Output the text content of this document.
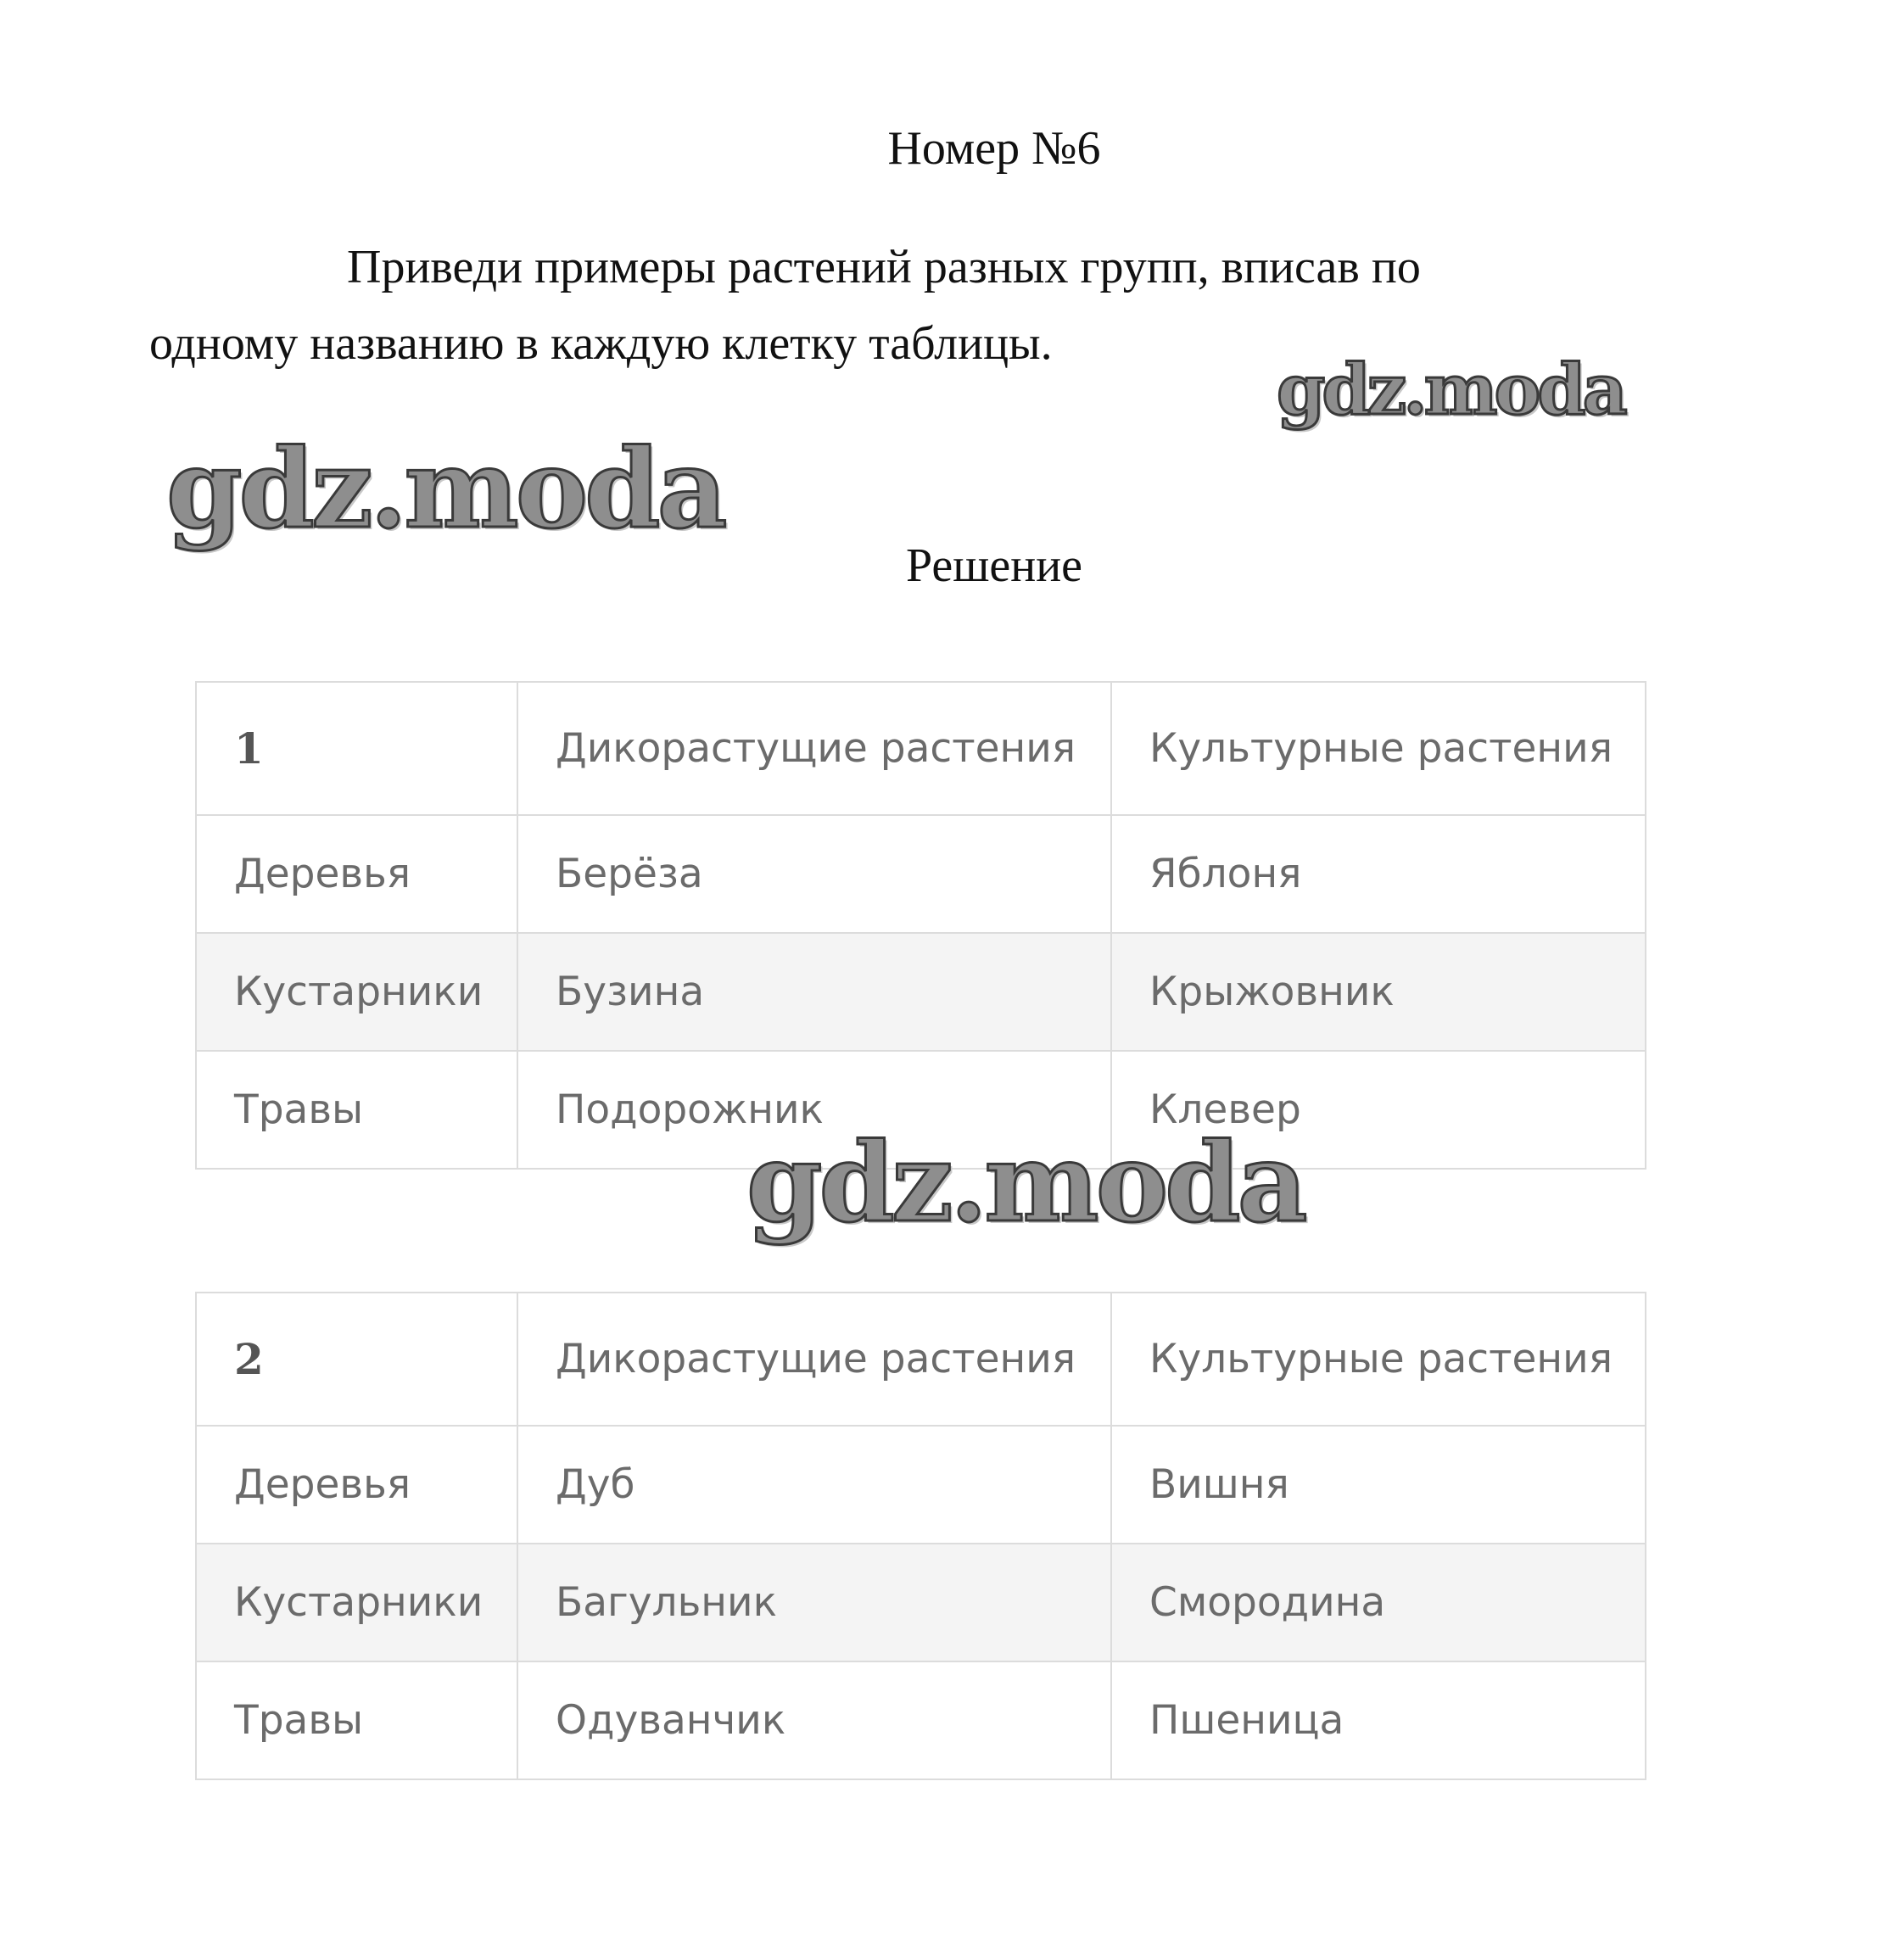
Номер №6
Приведи примеры растений разных групп, вписав по
одному названию в каждую клетку таблицы.
gdz.moda
gdz.moda
Решение
1	Дикорастущие растения	Культурные растения
Деревья	Берёза	Яблоня
Кустарники	Бузина	Крыжовник
Травы	Подорожник	Клевер
gdz.moda
2	Дикорастущие растения	Культурные растения
Деревья	Дуб	Вишня
Кустарники	Багульник	Смородина
Травы	Одуванчик	Пшеница
